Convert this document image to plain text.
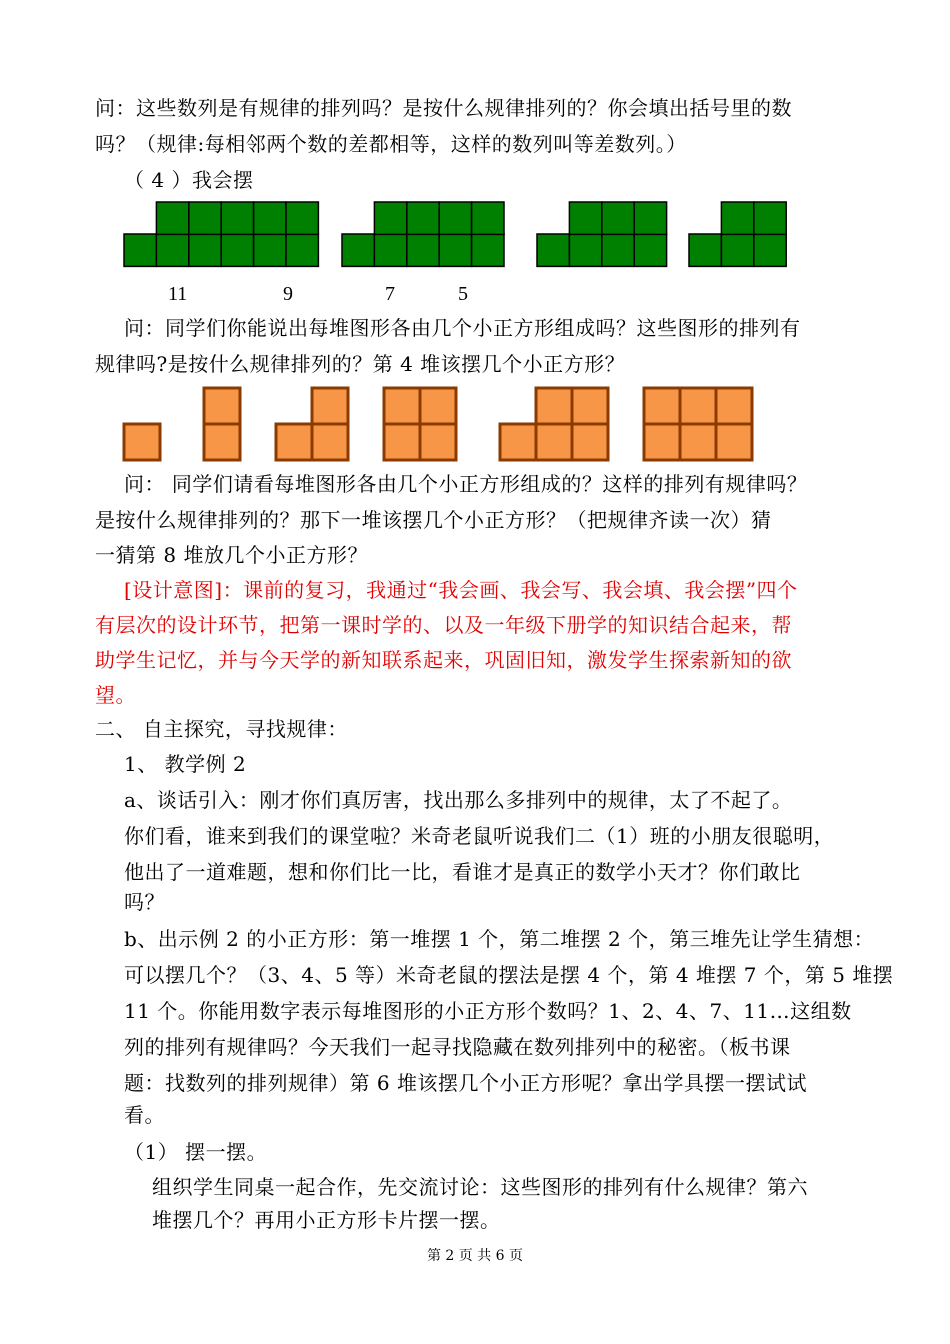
问：这些数列是有规律的排列吗？是按什么规律排列的？你会填出括号里的数
吗？（规律:每相邻两个数的差都相等，这样的数列叫等差数列。）
（ 4 ）我会摆
11	9	7	5
问：同学们你能说出每堆图形各由几个小正方形组成吗？这些图形的排列有
规律吗?是按什么规律排列的？第 4 堆该摆几个小正方形？
问： 同学们请看每堆图形各由几个小正方形组成的？这样的排列有规律吗？
是按什么规律排列的？那下一堆该摆几个小正方形？（把规律齐读一次）猜
一猜第 8 堆放几个小正方形？
[设计意图]：课前的复习，我通过“我会画、我会写、我会填、我会摆”四个
有层次的设计环节，把第一课时学的、以及一年级下册学的知识结合起来，帮
助学生记忆，并与今天学的新知联系起来，巩固旧知，激发学生探索新知的欲
望。
二、 自主探究，寻找规律：
1、 教学例 2
a、谈话引入：刚才你们真厉害，找出那么多排列中的规律，太了不起了。
你们看，谁来到我们的课堂啦？米奇老鼠听说我们二（1）班的小朋友很聪明，
他出了一道难题，想和你们比一比，看谁才是真正的数学小天才？你们敢比
吗？
b、出示例 2 的小正方形：第一堆摆 1 个，第二堆摆 2 个，第三堆先让学生猜想：
可以摆几个？（3、4、5 等）米奇老鼠的摆法是摆 4 个，第 4 堆摆 7 个，第 5 堆摆
11 个。你能用数字表示每堆图形的小正方形个数吗？1、2、4、7、11…这组数
列的排列有规律吗？今天我们一起寻找隐藏在数列排列中的秘密。（板书课
题：找数列的排列规律）第 6 堆该摆几个小正方形呢？拿出学具摆一摆试试
看。
（1） 摆一摆。
组织学生同桌一起合作，先交流讨论：这些图形的排列有什么规律？第六
堆摆几个？再用小正方形卡片摆一摆。
第 2 页 共 6 页
